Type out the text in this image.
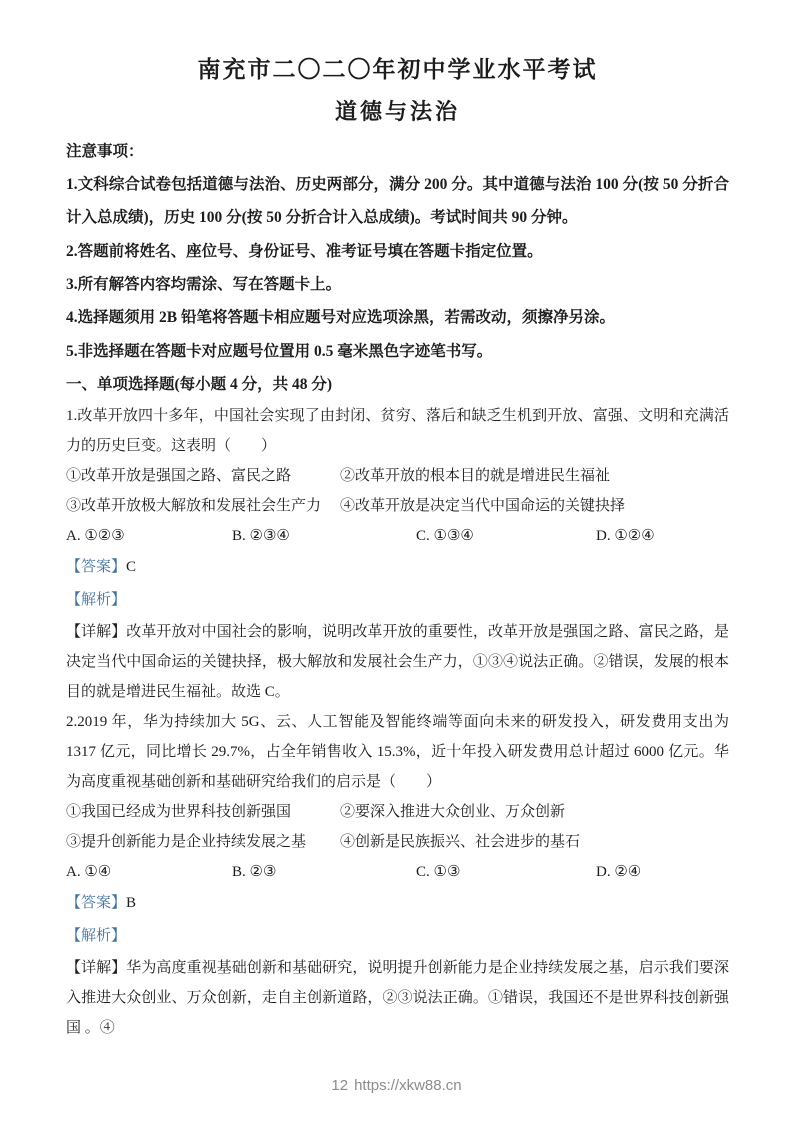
南充市二〇二〇年初中学业水平考试
道德与法治

注意事项：

1.文科综合试卷包括道德与法治、历史两部分，满分 200 分。其中道德与法治 100 分(按 50 分折合计入总成绩)，历史 100 分(按 50 分折合计入总成绩)。考试时间共 90 分钟。

2.答题前将姓名、座位号、身份证号、准考证号填在答题卡指定位置。

3.所有解答内容均需涂、写在答题卡上。

4.选择题须用 2B 铅笔将答题卡相应题号对应选项涂黑，若需改动，须擦净另涂。

5.非选择题在答题卡对应题号位置用 0.5 毫米黑色字迹笔书写。

一、单项选择题(每小题 4 分，共 48 分)

1.改革开放四十多年，中国社会实现了由封闭、贫穷、落后和缺乏生机到开放、富强、文明和充满活力的历史巨变。这表明（　　）

①改革开放是强国之路、富民之路	②改革开放的根本目的就是增进民生福祉
③改革开放极大解放和发展社会生产力	④改革开放是决定当代中国命运的关键抉择
A. ①②③	B. ②③④	C. ①③④	D. ①②④

【答案】C

【解析】

【详解】改革开放对中国社会的影响，说明改革开放的重要性，改革开放是强国之路、富民之路，是决定当代中国命运的关键抉择，极大解放和发展社会生产力，①③④说法正确。②错误，发展的根本目的就是增进民生福祉。故选 C。

2.2019 年，华为持续加大 5G、云、人工智能及智能终端等面向未来的研发投入，研发费用支出为 1317 亿元，同比增长 29.7%，占全年销售收入 15.3%，近十年投入研发费用总计超过 6000 亿元。华为高度重视基础创新和基础研究给我们的启示是（　　）

①我国已经成为世界科技创新强国	②要深入推进大众创业、万众创新
③提升创新能力是企业持续发展之基	④创新是民族振兴、社会进步的基石
A. ①④	B. ②③	C. ①③	D. ②④

【答案】B

【解析】

【详解】华为高度重视基础创新和基础研究，说明提升创新能力是企业持续发展之基，启示我们要深入推进大众创业、万众创新，走自主创新道路，②③说法正确。①错误，我国还不是世界科技创新强国 。④

12 https://xkw88.cn
